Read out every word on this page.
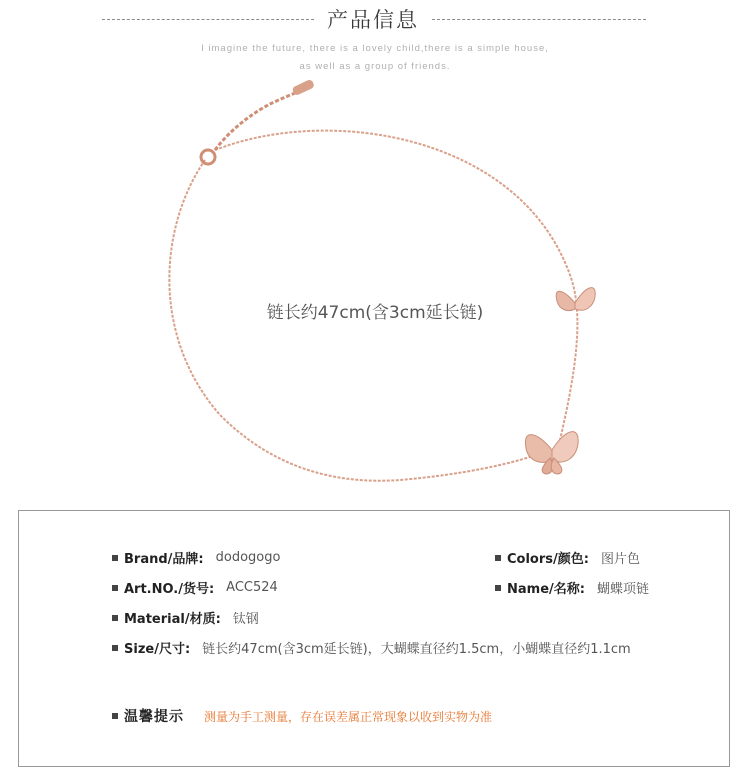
产品信息
I imagine the future, there is a lovely child,there is a simple house,
as well as a group of friends.
链长约47cm(含3cm延长链)
Brand/品牌: dodogogo	Colors/颜色: 图片色
Art.NO./货号: ACC524	Name/名称: 蝴蝶项链
Material/材质: 钛钢
Size/尺寸: 链长约47cm(含3cm延长链)，大蝴蝶直径约1.5cm，小蝴蝶直径约1.1cm
温馨提示 测量为手工测量，存在误差属正常现象以收到实物为准
